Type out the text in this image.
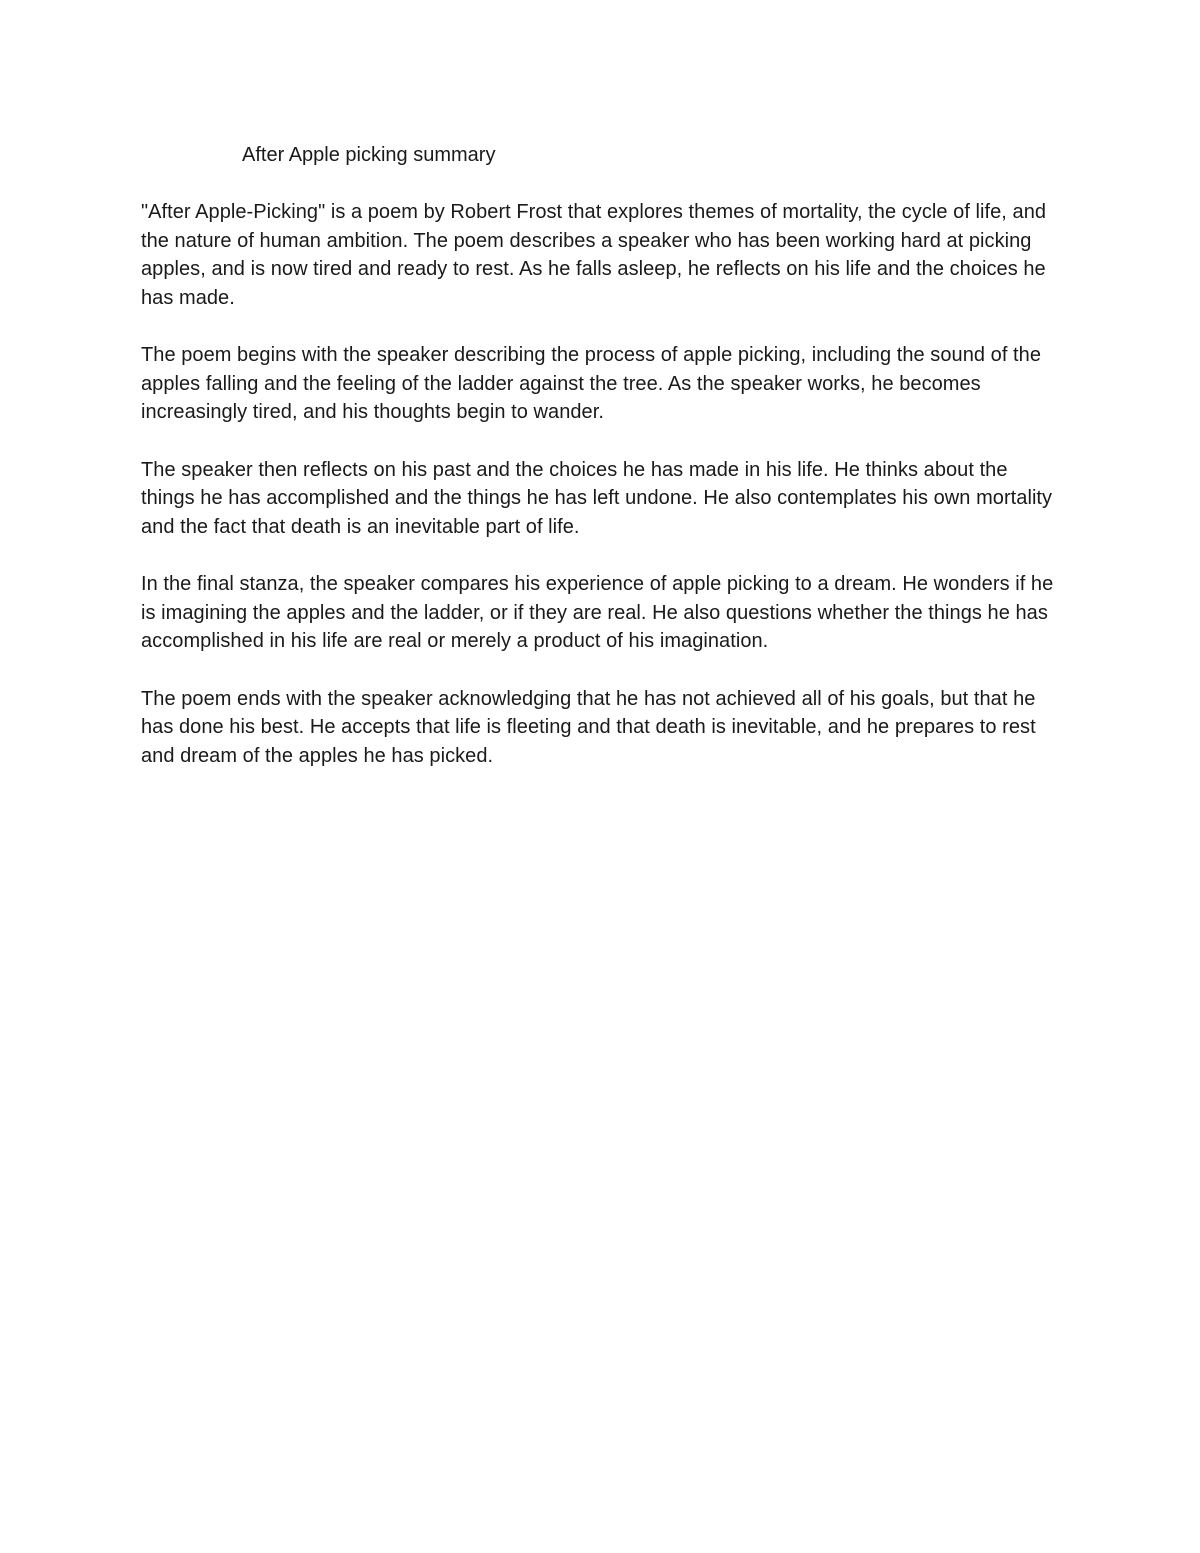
After Apple picking summary

"After Apple-Picking" is a poem by Robert Frost that explores themes of mortality, the cycle of life, and the nature of human ambition. The poem describes a speaker who has been working hard at picking apples, and is now tired and ready to rest. As he falls asleep, he reflects on his life and the choices he has made.

The poem begins with the speaker describing the process of apple picking, including the sound of the apples falling and the feeling of the ladder against the tree. As the speaker works, he becomes increasingly tired, and his thoughts begin to wander.

The speaker then reflects on his past and the choices he has made in his life. He thinks about the things he has accomplished and the things he has left undone. He also contemplates his own mortality and the fact that death is an inevitable part of life.

In the final stanza, the speaker compares his experience of apple picking to a dream. He wonders if he is imagining the apples and the ladder, or if they are real. He also questions whether the things he has accomplished in his life are real or merely a product of his imagination.

The poem ends with the speaker acknowledging that he has not achieved all of his goals, but that he has done his best. He accepts that life is fleeting and that death is inevitable, and he prepares to rest and dream of the apples he has picked.
